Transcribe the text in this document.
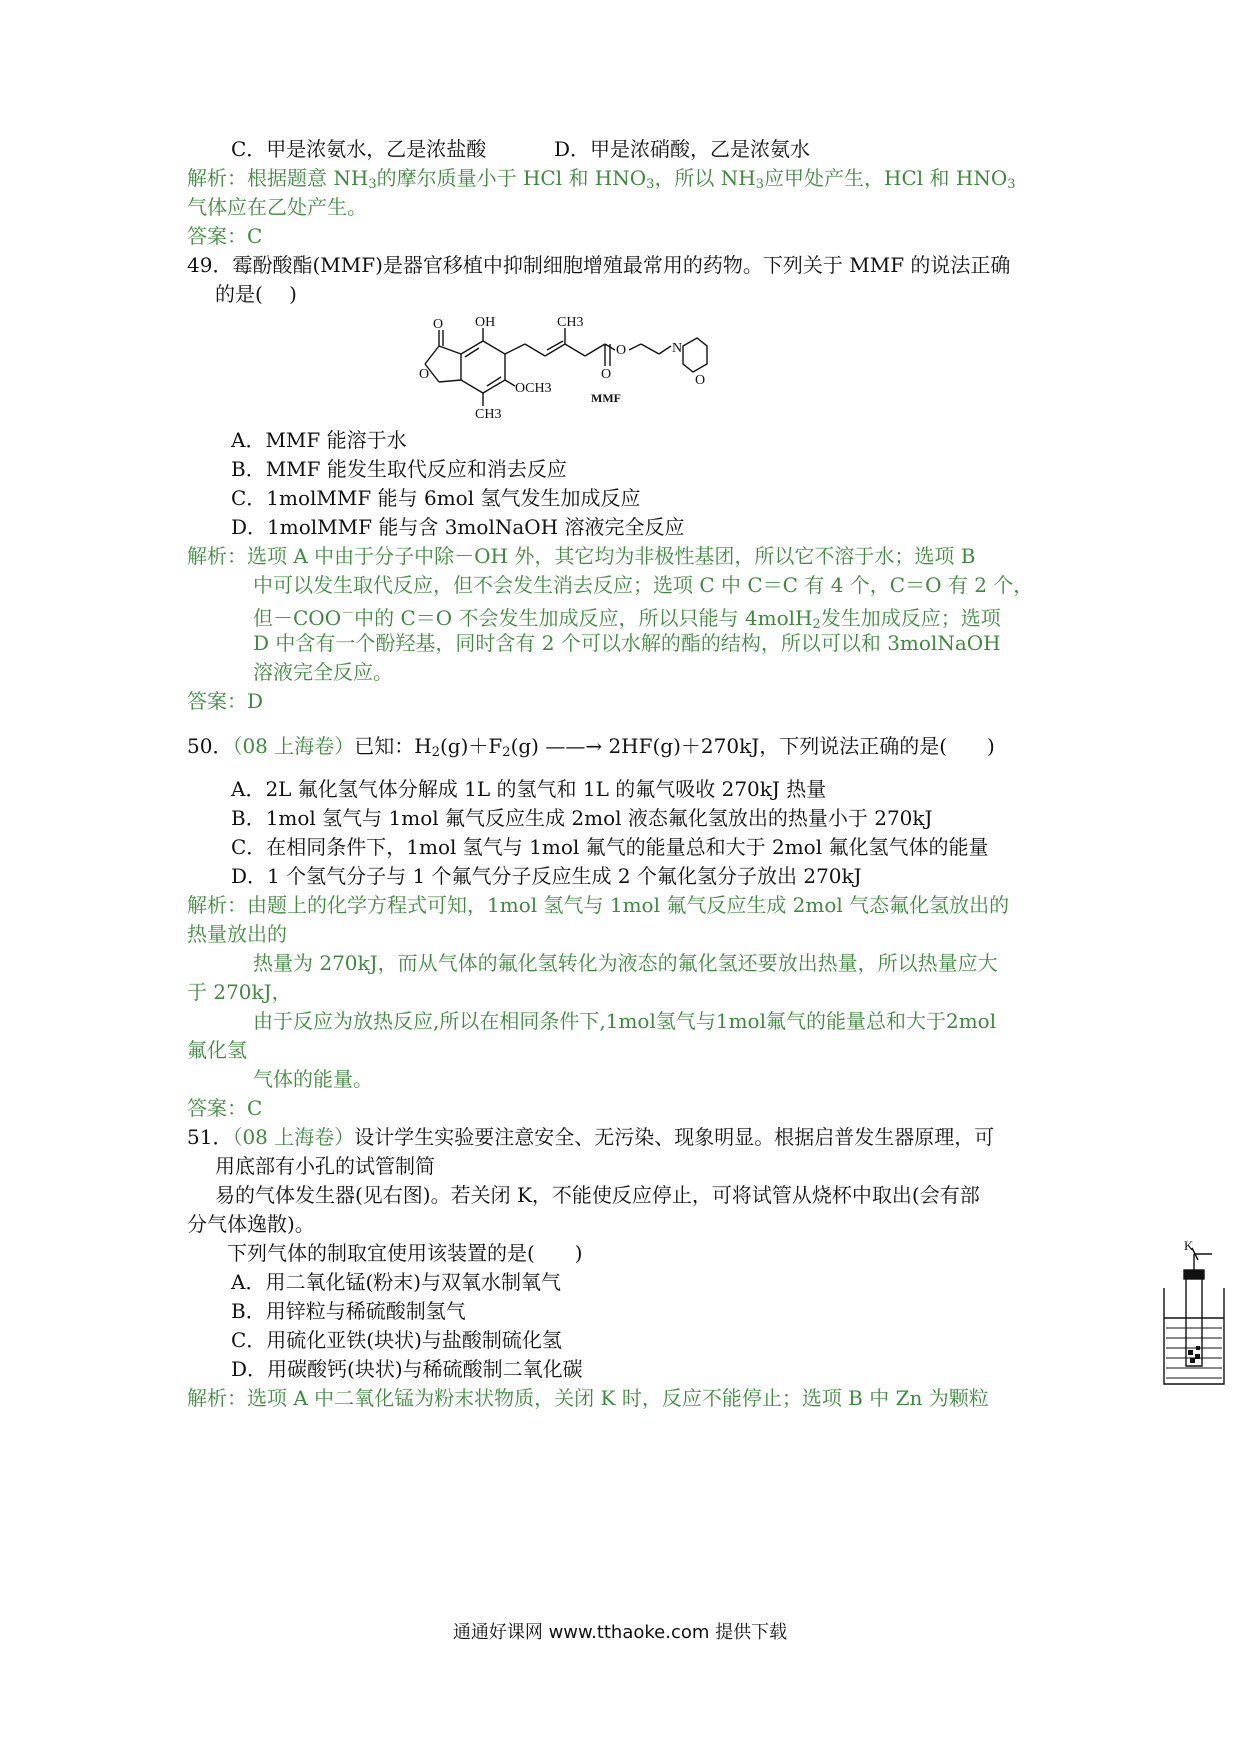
C．甲是浓氨水，乙是浓盐酸	D．甲是浓硝酸，乙是浓氨水
解析：根据题意 $NH_3$的摩尔质量小于 HCl 和 $HNO_3$，所以 $NH_3$应甲处产生，HCl 和 $HNO_3$
气体应在乙处产生。
答案：C
49．霉酚酸酯(MMF)是器官移植中抑制细胞增殖最常用的药物。下列关于 MMF 的说法正确
的是(　 )
O
O
OH	CH3
O
O
OCH3
CH3
N
O
MMF
A．MMF 能溶于水
B．MMF 能发生取代反应和消去反应
C．1molMMF 能与 6mol 氢气发生加成反应
D．1molMMF 能与含 3molNaOH 溶液完全反应
解析：选项 A 中由于分子中除－OH 外，其它均为非极性基团，所以它不溶于水；选项 B
中可以发生取代反应，但不会发生消去反应；选项 C 中 C＝C 有 4 个，C＝O 有 2 个，
但－COO－中的 C＝O 不会发生加成反应，所以只能与 4molH$_2$发生加成反应；选项
D 中含有一个酚羟基，同时含有 2 个可以水解的酯的结构，所以可以和 3molNaOH
溶液完全反应。
答案：D
50．（08 上海卷）已知：$H_2(g)+F_2(g)$ ——→ 2HF(g)＋270kJ，下列说法正确的是(　　)
A．2L 氟化氢气体分解成 1L 的氢气和 1L 的氟气吸收 270kJ 热量
B．1mol 氢气与 1mol 氟气反应生成 2mol 液态氟化氢放出的热量小于 270kJ
C．在相同条件下，1mol 氢气与 1mol 氟气的能量总和大于 2mol 氟化氢气体的能量
D．1 个氢气分子与 1 个氟气分子反应生成 2 个氟化氢分子放出 270kJ
解析：由题上的化学方程式可知，1mol 氢气与 1mol 氟气反应生成 2mol 气态氟化氢放出的
热量放出的
热量为 270kJ，而从气体的氟化氢转化为液态的氟化氢还要放出热量，所以热量应大
于 270kJ，
由于反应为放热反应,所以在相同条件下,1mol氢气与1mol氟气的能量总和大于2mol
氟化氢
气体的能量。
答案：C
51．（08 上海卷）设计学生实验要注意安全、无污染、现象明显。根据启普发生器原理，可
用底部有小孔的试管制简
易的气体发生器(见右图)。若关闭 K，不能使反应停止，可将试管从烧杯中取出(会有部
分气体逸散)。
下列气体的制取宜使用该装置的是(　　)
A．用二氧化锰(粉末)与双氧水制氧气
B．用锌粒与稀硫酸制氢气
C．用硫化亚铁(块状)与盐酸制硫化氢
D．用碳酸钙(块状)与稀硫酸制二氧化碳
解析：选项 A 中二氧化锰为粉末状物质，关闭 K 时，反应不能停止；选项 B 中 Zn 为颗粒
K
通通好课网 www.tthaoke.com 提供下载
